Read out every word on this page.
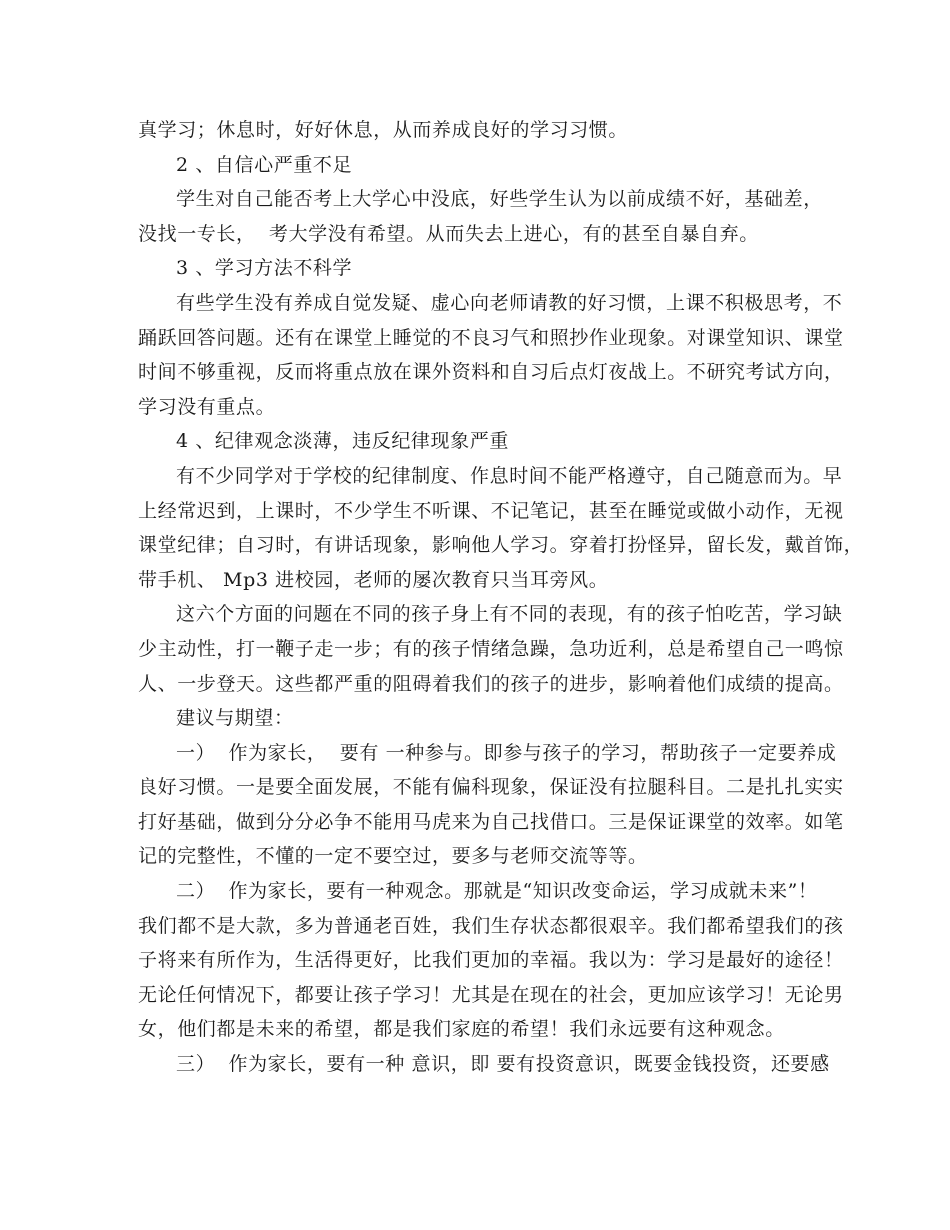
真学习；休息时，好好休息，从而养成良好的学习习惯。
2 、自信心严重不足
学生对自己能否考上大学心中没底，好些学生认为以前成绩不好，基础差，
没找一专长，  考大学没有希望。从而失去上进心，有的甚至自暴自弃。
3 、学习方法不科学
有些学生没有养成自觉发疑、虚心向老师请教的好习惯，上课不积极思考，不
踊跃回答问题。还有在课堂上睡觉的不良习气和照抄作业现象。对课堂知识、课堂
时间不够重视，反而将重点放在课外资料和自习后点灯夜战上。不研究考试方向，
学习没有重点。
4 、纪律观念淡薄，违反纪律现象严重
有不少同学对于学校的纪律制度、作息时间不能严格遵守，自己随意而为。早
上经常迟到，上课时，不少学生不听课、不记笔记，甚至在睡觉或做小动作，无视
课堂纪律；自习时，有讲话现象，影响他人学习。穿着打扮怪异，留长发，戴首饰，
带手机、 Mp3 进校园，老师的屡次教育只当耳旁风。
这六个方面的问题在不同的孩子身上有不同的表现，有的孩子怕吃苦，学习缺
少主动性，打一鞭子走一步；有的孩子情绪急躁，急功近利，总是希望自己一鸣惊
人、一步登天。这些都严重的阻碍着我们的孩子的进步，影响着他们成绩的提高。
建议与期望：
一）  作为家长，  要有 一种参与。即参与孩子的学习，帮助孩子一定要养成
良好习惯。一是要全面发展，不能有偏科现象，保证没有拉腿科目。二是扎扎实实
打好基础，做到分分必争不能用马虎来为自己找借口。三是保证课堂的效率。如笔
记的完整性，不懂的一定不要空过，要多与老师交流等等。
二）  作为家长，要有一种观念。那就是“知识改变命运，学习成就未来”！
我们都不是大款，多为普通老百姓，我们生存状态都很艰辛。我们都希望我们的孩
子将来有所作为，生活得更好，比我们更加的幸福。我以为：学习是最好的途径！
无论任何情况下，都要让孩子学习！尤其是在现在的社会，更加应该学习！无论男
女，他们都是未来的希望，都是我们家庭的希望！我们永远要有这种观念。
三）  作为家长，要有一种 意识，即 要有投资意识，既要金钱投资，还要感
